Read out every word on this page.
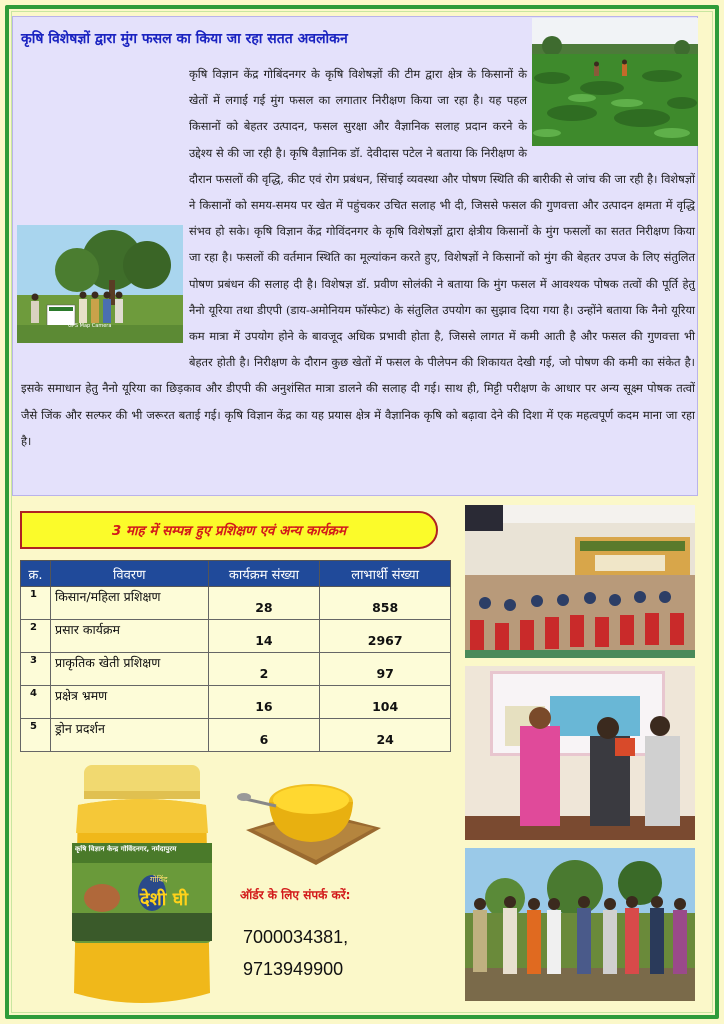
कृषि विशेषज्ञों द्वारा मुंग फसल का किया जा रहा सतत अवलोकन
GPS Map Camera
कृषि विज्ञान केंद्र गोबिंदनगर के कृषि विशेषज्ञों की टीम द्वारा क्षेत्र के किसानों के खेतों में लगाई गई मुंग फसल का लगातार निरीक्षण किया जा रहा है। यह पहल किसानों को बेहतर उत्पादन, फसल सुरक्षा और वैज्ञानिक सलाह प्रदान करने के उद्देश्य से की जा रही है। कृषि वैज्ञानिक डॉ. देवीदास पटेल ने बताया कि निरीक्षण के दौरान फसलों की वृद्धि, कीट एवं रोग प्रबंधन, सिंचाई व्यवस्था और पोषण स्थिति की बारीकी से जांच की जा रही है। विशेषज्ञों ने किसानों को समय-समय पर खेत में पहुंचकर उचित सलाह भी दी, जिससे फसल की गुणवत्ता और उत्पादन क्षमता में वृद्धि संभव हो सके। कृषि विज्ञान केंद्र गोविंदनगर के कृषि विशेषज्ञों द्वारा क्षेत्रीय किसानों के मुंग फसलों का सतत निरीक्षण किया जा रहा है। फसलों की वर्तमान स्थिति का मूल्यांकन करते हुए, विशेषज्ञों ने किसानों को मुंग की बेहतर उपज के लिए संतुलित पोषण प्रबंधन की सलाह दी है। विशेषज्ञ डॉ. प्रवीण सोलंकी ने बताया कि मुंग फसल में आवश्यक पोषक तत्वों की पूर्ति हेतु नैनो यूरिया तथा डीएपी (डाय-अमोनियम फॉस्फेट) के संतुलित उपयोग का सुझाव दिया गया है। उन्होंने बताया कि नैनो यूरिया कम मात्रा में उपयोग होने के बावजूद अधिक प्रभावी होता है, जिससे लागत में कमी आती है और फसल की गुणवत्ता भी बेहतर होती है। निरीक्षण के दौरान कुछ खेतों में फसल के पीलेपन की शिकायत देखी गई, जो पोषण की कमी का संकेत है। इसके समाधान हेतु नैनो यूरिया का छिड़काव और डीएपी की अनुशंसित मात्रा डालने की सलाह दी गई। साथ ही, मिट्टी परीक्षण के आधार पर अन्य सूक्ष्म पोषक तत्वों जैसे जिंक और सल्फर की भी जरूरत बताई गई। कृषि विज्ञान केंद्र का यह प्रयास क्षेत्र में वैज्ञानिक कृषि को बढ़ावा देने की दिशा में एक महत्वपूर्ण कदम माना जा रहा है।
3 माह में सम्पन्न हुए प्रशिक्षण एवं अन्य कार्यक्रम
क्र.	विवरण	कार्यक्रम संख्या	लाभार्थी संख्या
1	किसान/महिला प्रशिक्षण	28	858
2	प्रसार कार्यक्रम	14	2967
3	प्राकृतिक खेती प्रशिक्षण	2	97
4	प्रक्षेत्र भ्रमण	16	104
5	ड्रोन प्रदर्शन	6	24
कृषि विज्ञान केन्द्र गोविंदनगर, नर्मदापुरम
गोविंद
देशी घी	ऑर्डर के लिए संपर्क करें:
7000034381,
9713949900
